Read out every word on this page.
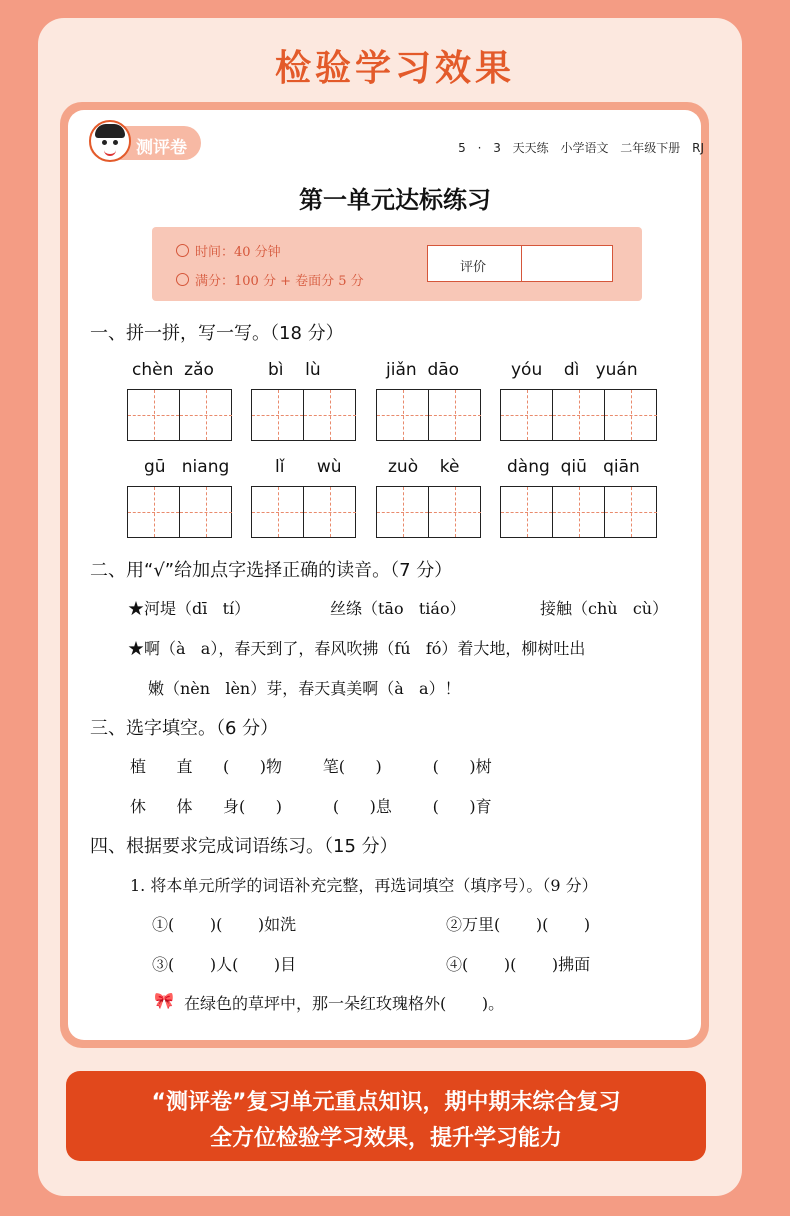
检验学习效果
测评卷	5 · 3 天天练 小学语文 二年级下册 RJ
第一单元达标练习
时间：40 分钟
满分：100 分 + 卷面分 5 分
评价
一、拼一拼，写一写。（18 分）
chèn  zǎo	bì    lù	jiǎn  dāo	yóu    dì   yuán
gū   niang	lǐ      wù	zuò    kè	dàng  qiū   qiān
二、用“√”给加点字选择正确的读音。（7 分）
★河堤（dī   tí）	丝绦（tāo   tiáo）	接触（chù   cù）
★啊（à   a），春天到了，春风吹拂（fú   fó）着大地，柳树吐出
嫩（nèn   lèn）芽，春天真美啊（à   a）！
三、选字填空。（6 分）
植      直      (      )物        笔(      )          (      )树
休      体      身(      )          (      )息        (      )育
四、根据要求完成词语练习。（15 分）
1. 将本单元所学的词语补充完整，再选词填空（填序号）。（9 分）
①(       )(       )如洗	②万里(       )(       )
③(       )人(       )目	④(       )(       )拂面
🎀 在绿色的草坪中，那一朵红玫瑰格外(       )。
“测评卷”复习单元重点知识，期中期末综合复习
全方位检验学习效果，提升学习能力
